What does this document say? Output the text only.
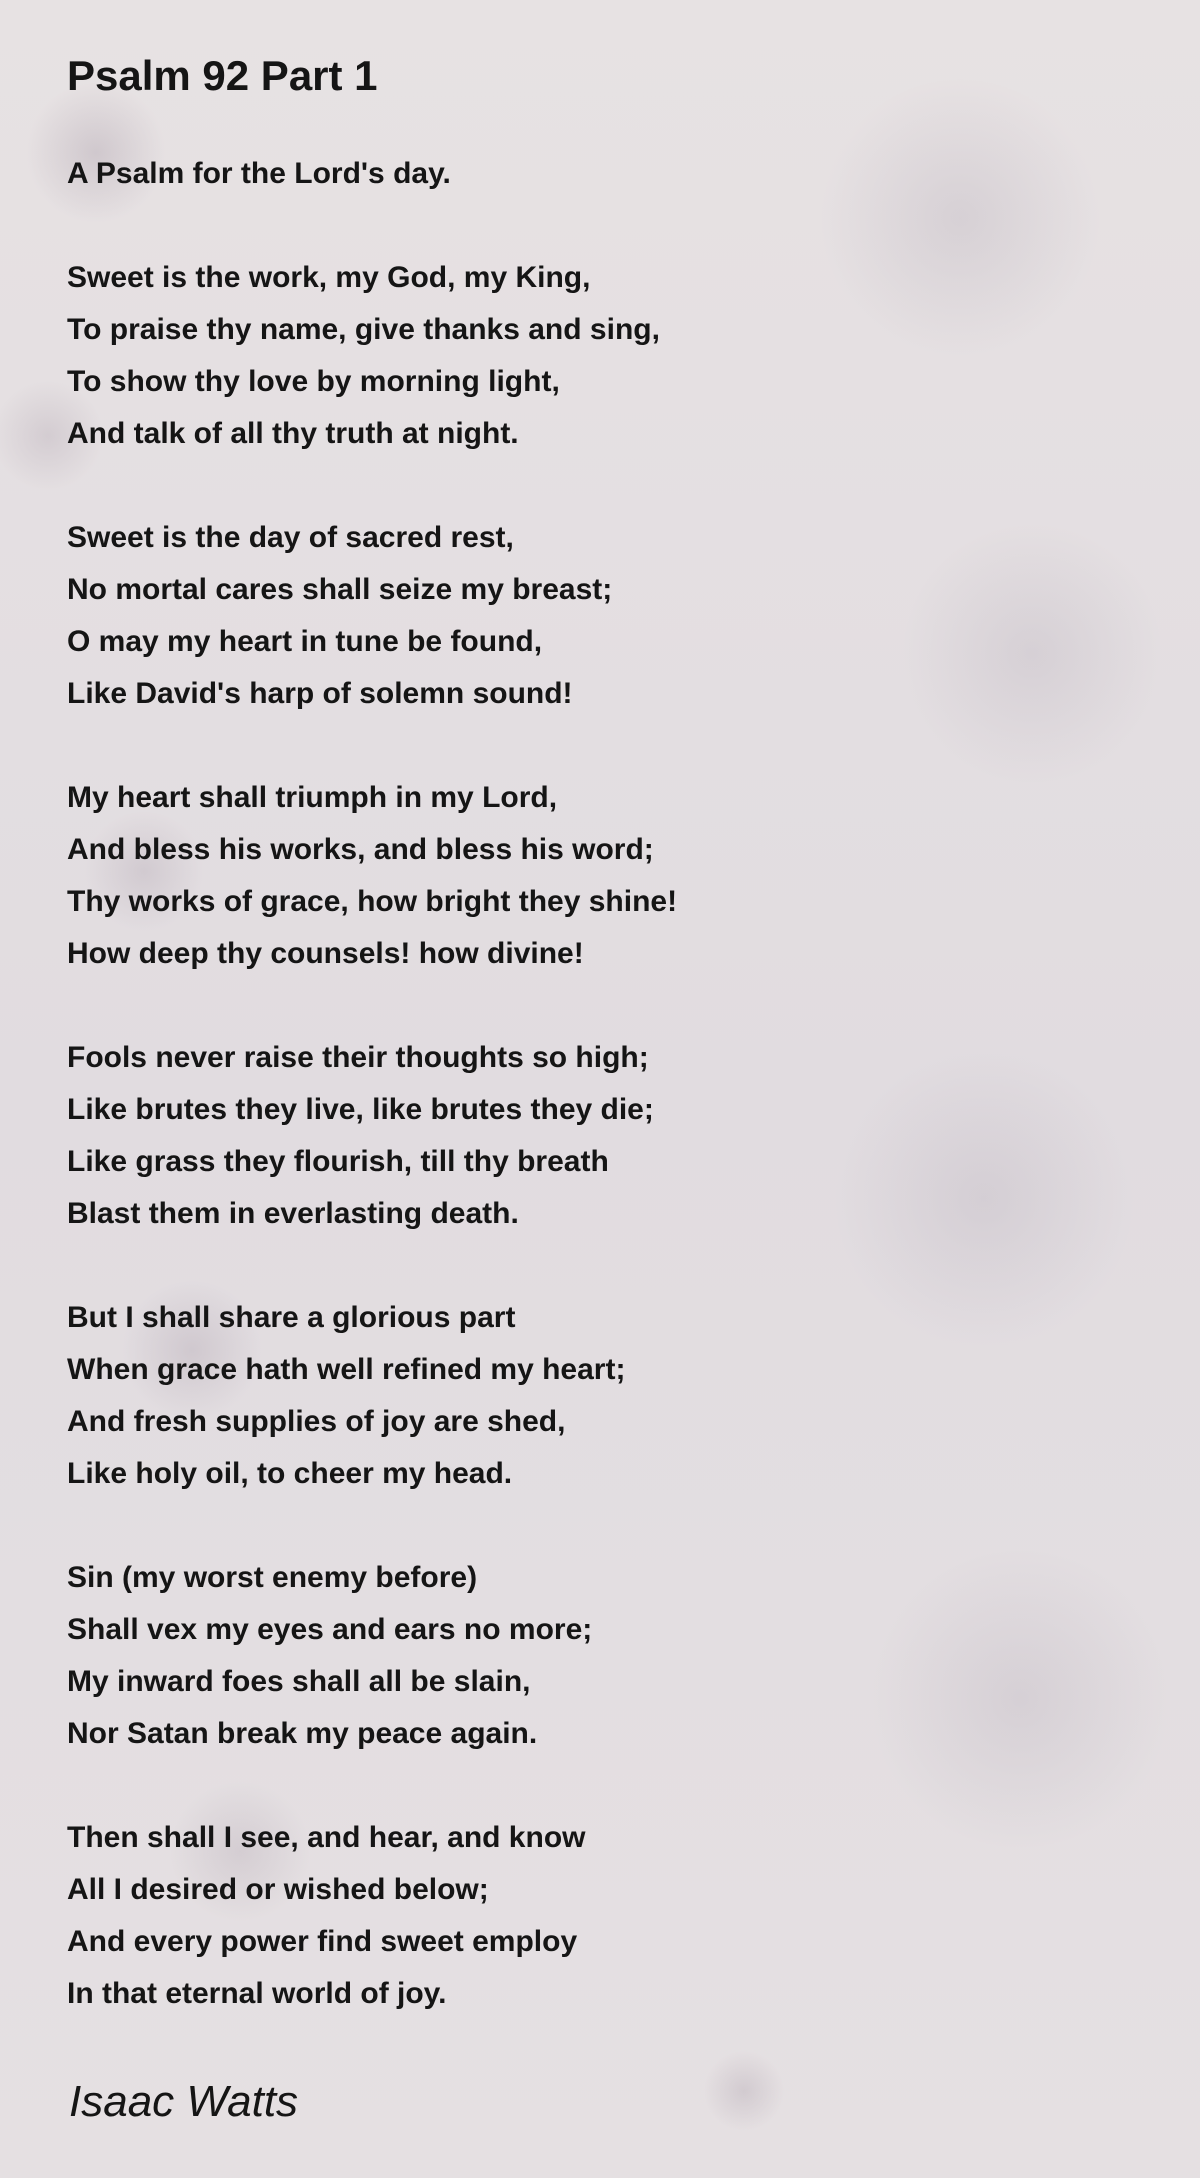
Psalm 92 Part 1
A Psalm for the Lord's day.
Sweet is the work, my God, my King,
To praise thy name, give thanks and sing,
To show thy love by morning light,
And talk of all thy truth at night.
Sweet is the day of sacred rest,
No mortal cares shall seize my breast;
O may my heart in tune be found,
Like David's harp of solemn sound!
My heart shall triumph in my Lord,
And bless his works, and bless his word;
Thy works of grace, how bright they shine!
How deep thy counsels! how divine!
Fools never raise their thoughts so high;
Like brutes they live, like brutes they die;
Like grass they flourish, till thy breath
Blast them in everlasting death.
But I shall share a glorious part
When grace hath well refined my heart;
And fresh supplies of joy are shed,
Like holy oil, to cheer my head.
Sin (my worst enemy before)
Shall vex my eyes and ears no more;
My inward foes shall all be slain,
Nor Satan break my peace again.
Then shall I see, and hear, and know
All I desired or wished below;
And every power find sweet employ
In that eternal world of joy.

Isaac Watts
